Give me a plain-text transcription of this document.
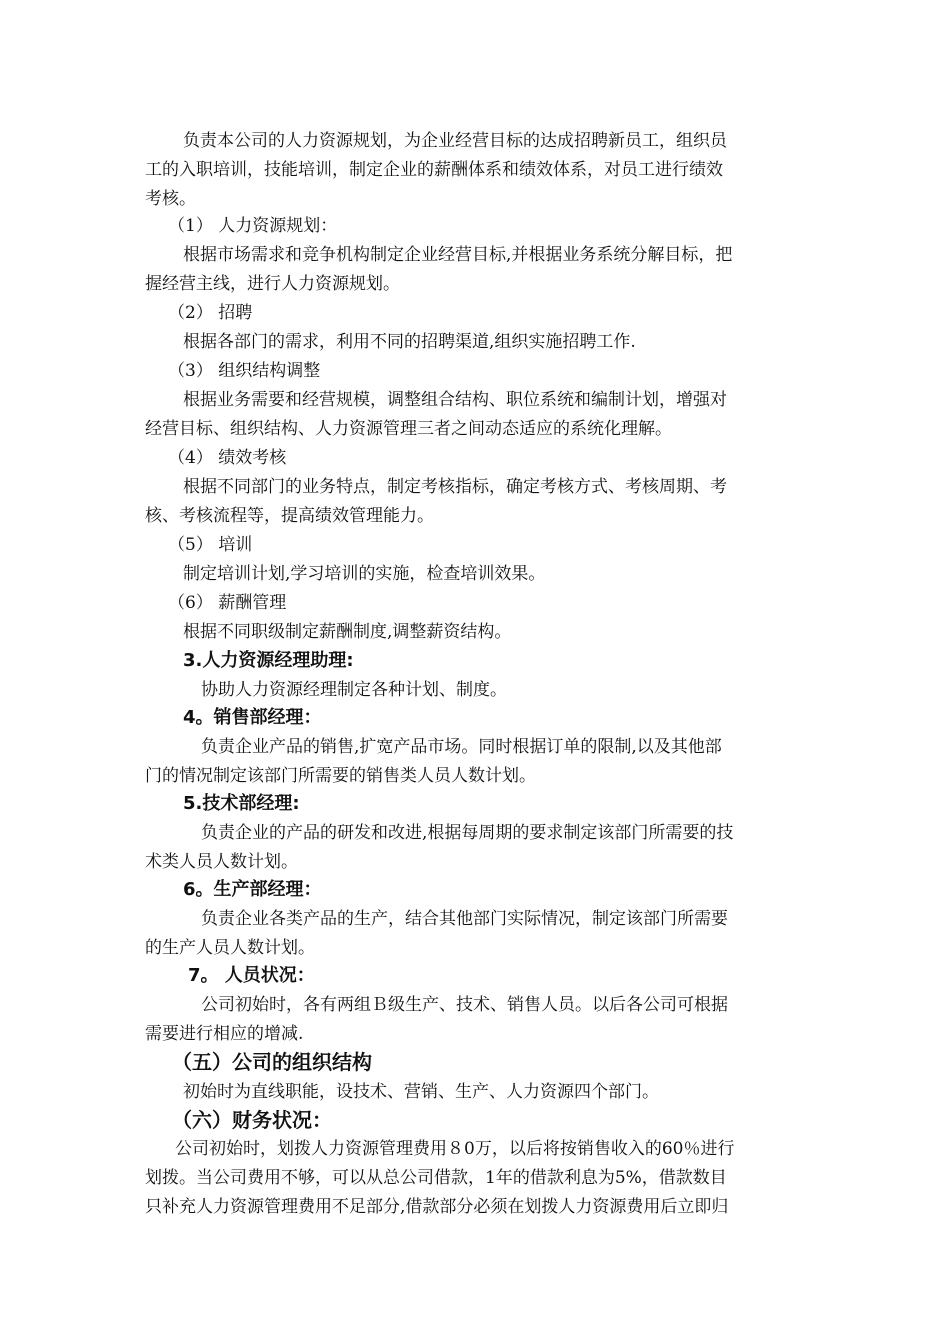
负责本公司的人力资源规划，为企业经营目标的达成招聘新员工，组织员
工的入职培训，技能培训，制定企业的薪酬体系和绩效体系，对员工进行绩效
考核。
（1） 人力资源规划：
根据市场需求和竞争机构制定企业经营目标,并根据业务系统分解目标，把
握经营主线，进行人力资源规划。
（2） 招聘
根据各部门的需求，利用不同的招聘渠道,组织实施招聘工作.
（3） 组织结构调整
根据业务需要和经营规模，调整组合结构、职位系统和编制计划，增强对
经营目标、组织结构、人力资源管理三者之间动态适应的系统化理解。
（4） 绩效考核
根据不同部门的业务特点，制定考核指标，确定考核方式、考核周期、考
核、考核流程等，提高绩效管理能力。
（5） 培训
制定培训计划,学习培训的实施，检查培训效果。
（6） 薪酬管理
根据不同职级制定薪酬制度,调整薪资结构。
3.人力资源经理助理:
协助人力资源经理制定各种计划、制度。
4。销售部经理：
负责企业产品的销售,扩宽产品市场。同时根据订单的限制,以及其他部
门的情况制定该部门所需要的销售类人员人数计划。
5.技术部经理:
负责企业的产品的研发和改进,根据每周期的要求制定该部门所需要的技
术类人员人数计划。
6。生产部经理：
负责企业各类产品的生产，结合其他部门实际情况，制定该部门所需要
的生产人员人数计划。
7。 人员状况：
公司初始时，各有两组Ｂ级生产、技术、销售人员。以后各公司可根据
需要进行相应的增减.
（五）公司的组织结构
初始时为直线职能，设技术、营销、生产、人力资源四个部门。
（六）财务状况：
公司初始时，划拨人力资源管理费用８0万，以后将按销售收入的60％进行
划拨。当公司费用不够，可以从总公司借款，1年的借款利息为5%，借款数目
只补充人力资源管理费用不足部分,借款部分必须在划拨人力资源费用后立即归
